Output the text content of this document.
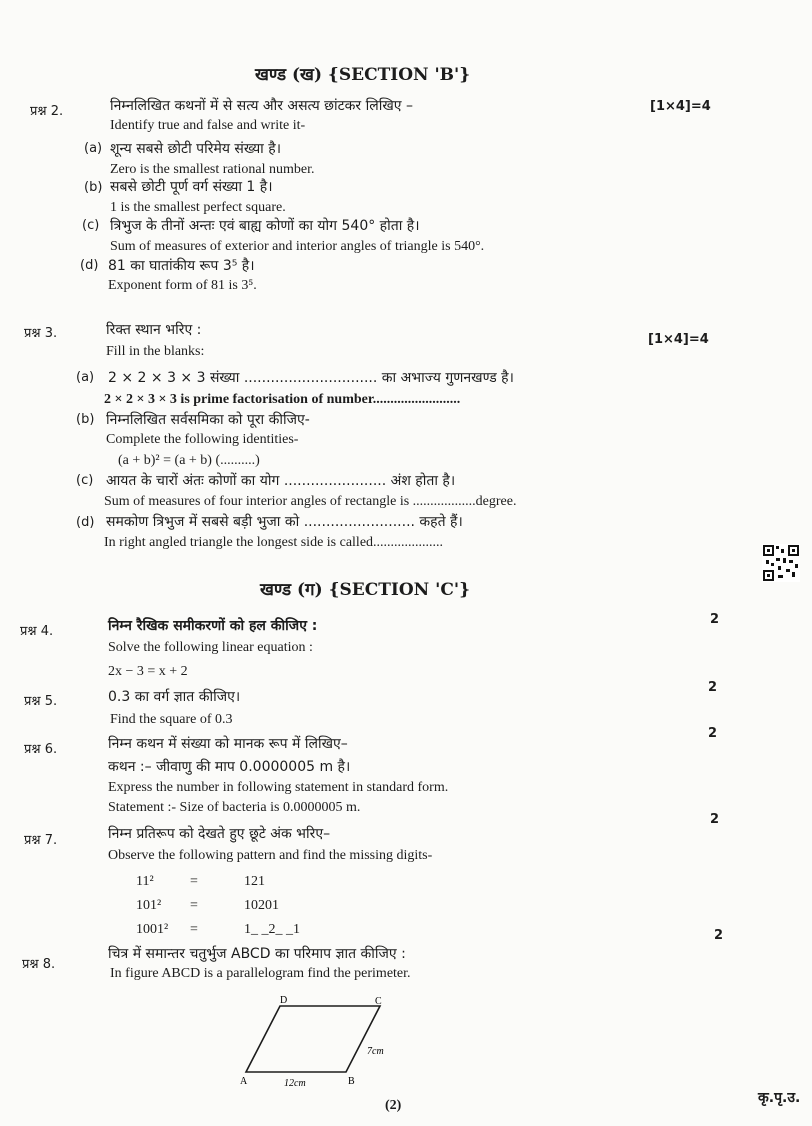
खण्ड (ख) {SECTION 'B'}
प्रश्न 2.	निम्नलिखित कथनों में से सत्य और असत्य छांटकर लिखिए –	[1×4]=4
Identify true and false and write it-
(a) शून्य सबसे छोटी परिमेय संख्या है।
Zero is the smallest rational number.
(b) सबसे छोटी पूर्ण वर्ग संख्या 1 है।
1 is the smallest perfect square.
(c) त्रिभुज के तीनों अन्तः एवं बाह्य कोणों का योग 540° होता है।
Sum of measures of exterior and interior angles of triangle is 540°.
(d) 81 का घातांकीय रूप 3⁵ है।
Exponent form of 81 is 3⁵.
प्रश्न 3.	रिक्त स्थान भरिए :
[1×4]=4
Fill in the blanks:
(a) 2 × 2 × 3 × 3 संख्या .............................. का अभाज्य गुणनखण्ड है।
2 × 2 × 3 × 3 is prime factorisation of number.........................
(b) निम्नलिखित सर्वसमिका को पूरा कीजिए-
Complete the following identities-
(a + b)² = (a + b) (..........)
(c) आयत के चारों अंतः कोणों का योग ....................... अंश होता है।
Sum of measures of four interior angles of rectangle is ..................degree.
(d) समकोण त्रिभुज में सबसे बड़ी भुजा को ......................... कहते हैं।
In right angled triangle the longest side is called....................
खण्ड (ग) {SECTION 'C'}
प्रश्न 4.	निम्न रैखिक समीकरणों को हल कीजिए :	2
Solve the following linear equation :
2x − 3 = x + 2
प्रश्न 5.	0.3 का वर्ग ज्ञात कीजिए।
2
Find the square of 0.3
प्रश्न 6.	निम्न कथन में संख्या को मानक रूप में लिखिए–
2
कथन :– जीवाणु की माप 0.0000005 m है।
Express the number in following statement in standard form.
Statement :- Size of bacteria is 0.0000005 m.
प्रश्न 7.	निम्न प्रतिरूप को देखते हुए छूटे अंक भरिए–
2
Observe the following pattern and find the missing digits-
11²	=	121
101² =	10201
1001² =	1_ _2_ _1
प्रश्न 8.
चित्र में समान्तर चतुर्भुज ABCD का परिमाप ज्ञात कीजिए :
2
In figure ABCD is a parallelogram find the perimeter.
A	B
C
D
12cm
7cm
(2)	कृ.पृ.उ.
